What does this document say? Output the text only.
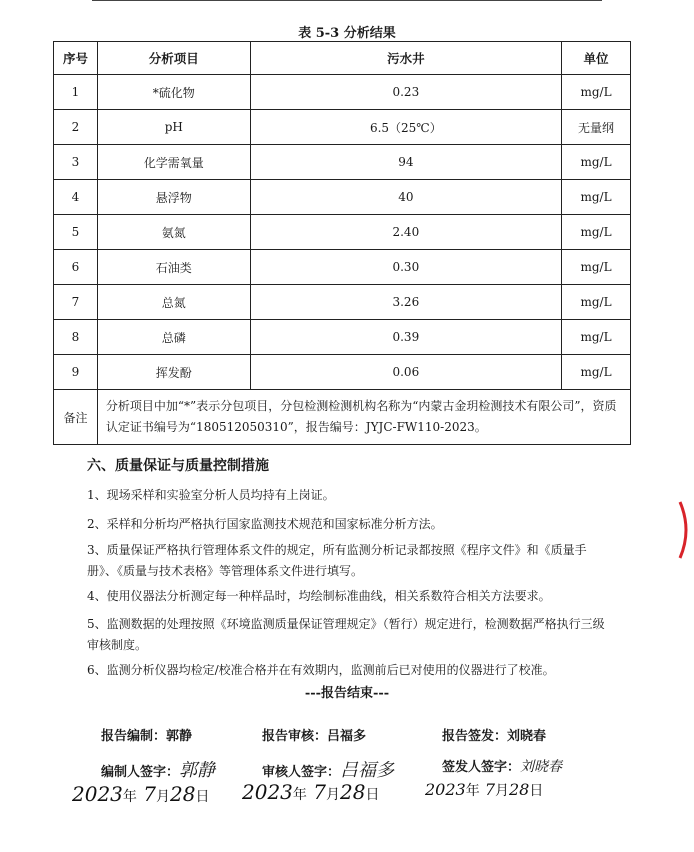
表 5-3 分析结果
序号	分析项目	污水井	单位
1	*硫化物	0.23	mg/L
2	pH	6.5（25℃）	无量纲
3	化学需氧量	94	mg/L
4	悬浮物	40	mg/L
5	氨氮	2.40	mg/L
6	石油类	0.30	mg/L
7	总氮	3.26	mg/L
8	总磷	0.39	mg/L
9	挥发酚	0.06	mg/L
备注	分析项目中加“*”表示分包项目，分包检测检测机构名称为“内蒙古金玥检测技术有限公司”，资质认定证书编号为“180512050310”，报告编号：JYJC-FW110-2023。		
六、质量保证与质量控制措施
1、现场采样和实验室分析人员均持有上岗证。
2、采样和分析均严格执行国家监测技术规范和国家标准分析方法。
3、质量保证严格执行管理体系文件的规定，所有监测分析记录都按照《程序文件》和《质量手册》、《质量与技术表格》等管理体系文件进行填写。
4、使用仪器法分析测定每一种样品时，均绘制标准曲线，相关系数符合相关方法要求。
5、监测数据的处理按照《环境监测质量保证管理规定》（暂行）规定进行，检测数据严格执行三级审核制度。
6、监测分析仪器均检定/校准合格并在有效期内，监测前后已对使用的仪器进行了校准。
---报告结束---
报告编制：郭静	报告审核：吕福多	报告签发：刘晓春
编制人签字：郭静	审核人签字：吕福多	签发人签字：刘晓春
2023年 7月28日 2023年 7月28日	2023年 7月28日
